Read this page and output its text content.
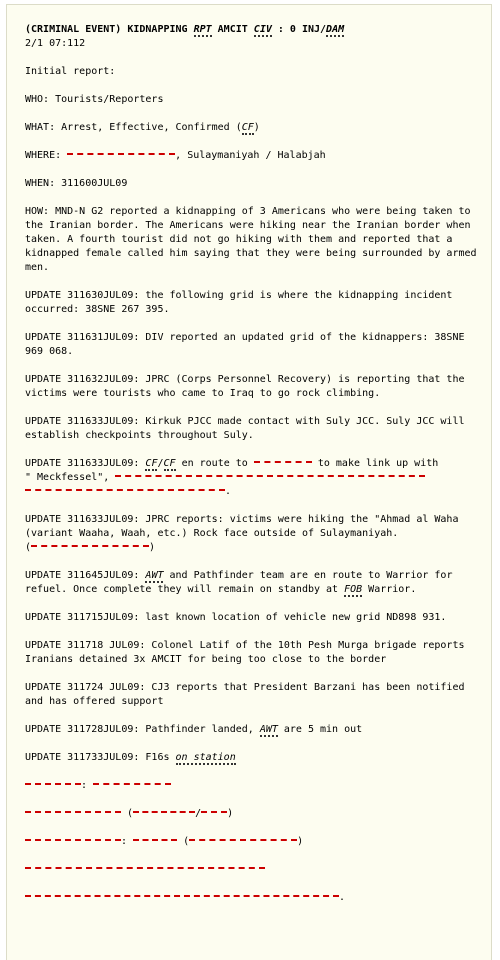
(CRIMINAL EVENT) KIDNAPPING RPT AMCIT CIV : 0 INJ/DAM
2/1 07:112
Initial report:
WHO: Tourists/Reporters
WHAT: Arrest, Effective, Confirmed (CF)
WHERE:	, Sulaymaniyah / Halabjah
WHEN: 311600JUL09
HOW: MND-N G2 reported a kidnapping of 3 Americans who were being taken to the Iranian border. The Americans were hiking near the Iranian border when taken. A fourth tourist did not go hiking with them and reported that a kidnapped female called him saying that they were being surrounded by armed men.
UPDATE 311630JUL09: the following grid is where the kidnapping incident occurred: 38SNE 267 395.
UPDATE 311631JUL09: DIV reported an updated grid of the kidnappers: 38SNE 969 068.
UPDATE 311632JUL09: JPRC (Corps Personnel Recovery) is reporting that the victims were tourists who came to Iraq to go rock climbing.
UPDATE 311633JUL09: Kirkuk PJCC made contact with Suly JCC. Suly JCC will establish checkpoints throughout Suly.
UPDATE 311633JUL09: CF/CF en route to	to make link up with
" Meckfessel",
.
UPDATE 311633JUL09: JPRC reports: victims were hiking the "Ahmad al Waha (variant Waaha, Waah, etc.) Rock face outside of Sulaymaniyah.
(	)
UPDATE 311645JUL09: AWT and Pathfinder team are en route to Warrior for refuel. Once complete they will remain on standby at FOB Warrior.
UPDATE 311715JUL09: last known location of vehicle new grid ND898 931.
UPDATE 311718 JUL09: Colonel Latif of the 10th Pesh Murga brigade reports Iranians detained 3x AMCIT for being too close to the border
UPDATE 311724 JUL09: CJ3 reports that President Barzani has been notified and has offered support
UPDATE 311728JUL09: Pathfinder landed, AWT are 5 min out
UPDATE 311733JUL09: F16s on station
:
(	/	)
:	(	)
.
